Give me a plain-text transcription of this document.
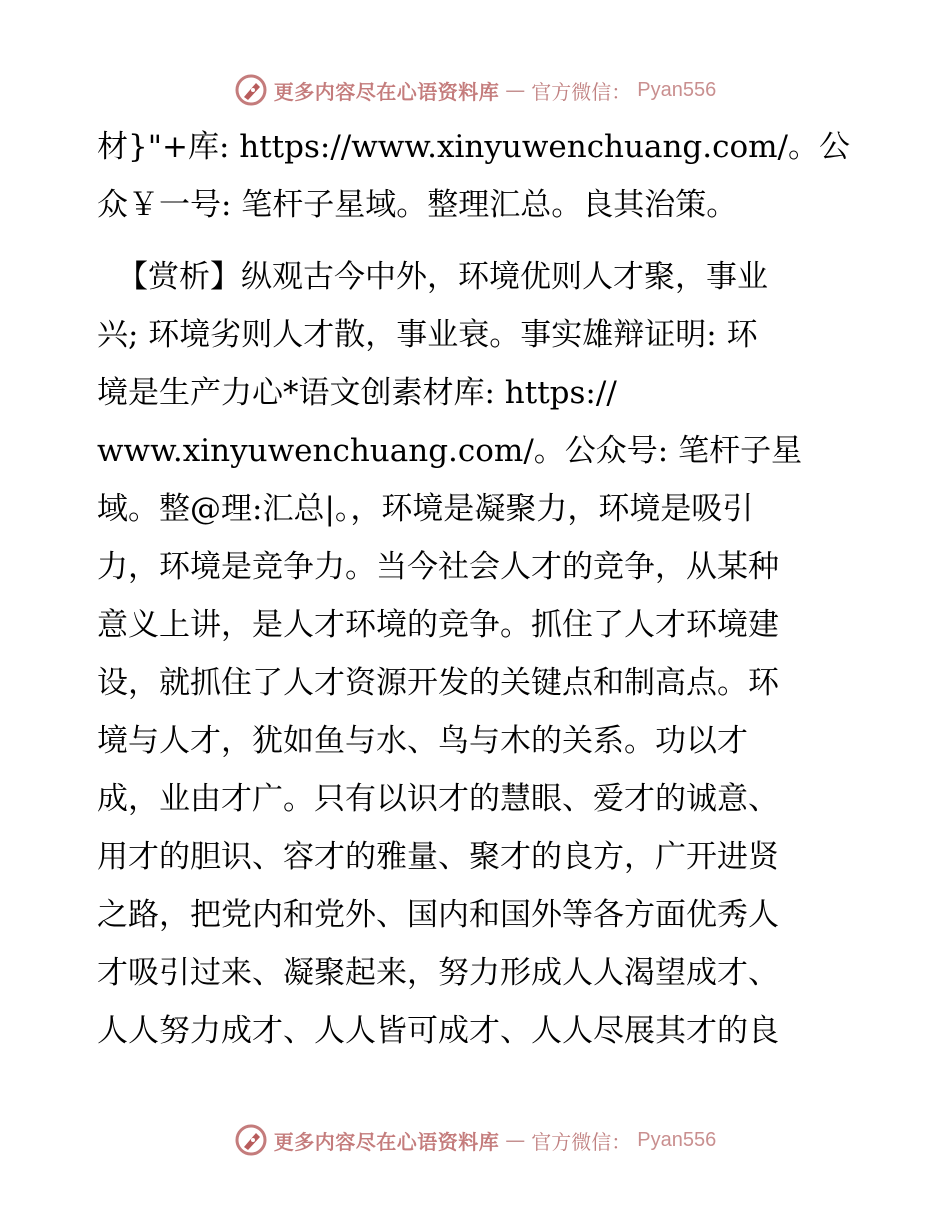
更多内容尽在心语资料库 — 官方微信： Pyan556
材}"+库: https://www.xinyuwenchuang.com/。公
众￥一号: 笔杆子星域。整理汇总。良其治策。
【赏析】纵观古今中外，环境优则人才聚，事业
兴; 环境劣则人才散，事业衰。事实雄辩证明: 环
境是生产力心*语文创素材库: https://
www.xinyuwenchuang.com/。公众号: 笔杆子星
域。整@理:汇总|。，环境是凝聚力，环境是吸引
力，环境是竞争力。当今社会人才的竞争，从某种
意义上讲，是人才环境的竞争。抓住了人才环境建
设，就抓住了人才资源开发的关键点和制高点。环
境与人才，犹如鱼与水、鸟与木的关系。功以才
成，业由才广。只有以识才的慧眼、爱才的诚意、
用才的胆识、容才的雅量、聚才的良方，广开进贤
之路，把党内和党外、国内和国外等各方面优秀人
才吸引过来、凝聚起来，努力形成人人渴望成才、
人人努力成才、人人皆可成才、人人尽展其才的良
更多内容尽在心语资料库 — 官方微信： Pyan556
